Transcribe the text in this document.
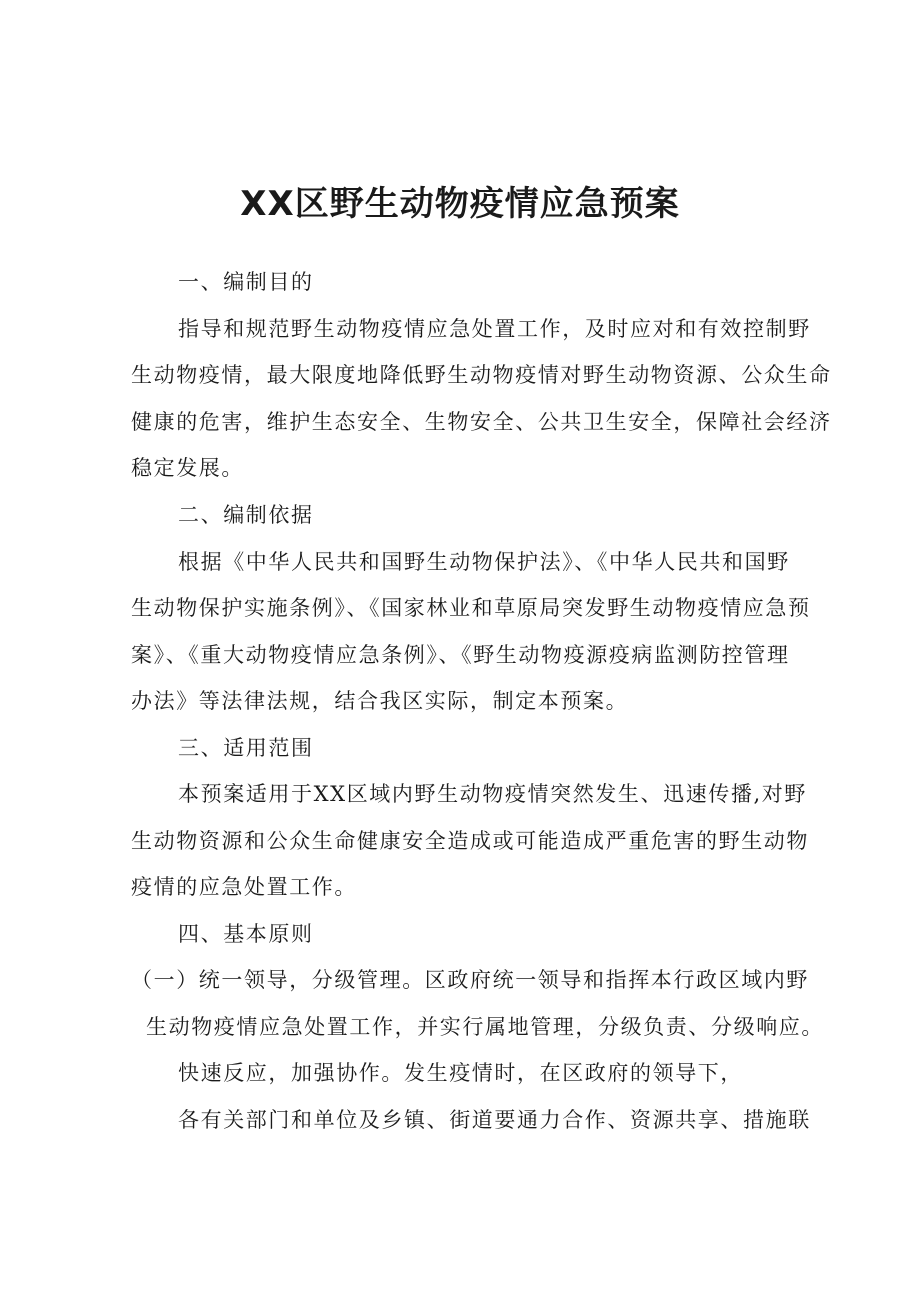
XX区野生动物疫情应急预案
一、编制目的
指导和规范野生动物疫情应急处置工作，及时应对和有效控制野
生动物疫情，最大限度地降低野生动物疫情对野生动物资源、公众生命
健康的危害，维护生态安全、生物安全、公共卫生安全，保障社会经济
稳定发展。
二、编制依据
根据《中华人民共和国野生动物保护法》、《中华人民共和国野
生动物保护实施条例》、《国家林业和草原局突发野生动物疫情应急预
案》、《重大动物疫情应急条例》、《野生动物疫源疫病监测防控管理
办法》等法律法规，结合我区实际，制定本预案。
三、适用范围
本预案适用于XX区域内野生动物疫情突然发生、迅速传播,对野
生动物资源和公众生命健康安全造成或可能造成严重危害的野生动物
疫情的应急处置工作。
四、基本原则
（一）统一领导，分级管理。区政府统一领导和指挥本行政区域内野
生动物疫情应急处置工作，并实行属地管理，分级负责、分级响应。
快速反应，加强协作。发生疫情时，在区政府的领导下，
各有关部门和单位及乡镇、街道要通力合作、资源共享、措施联
